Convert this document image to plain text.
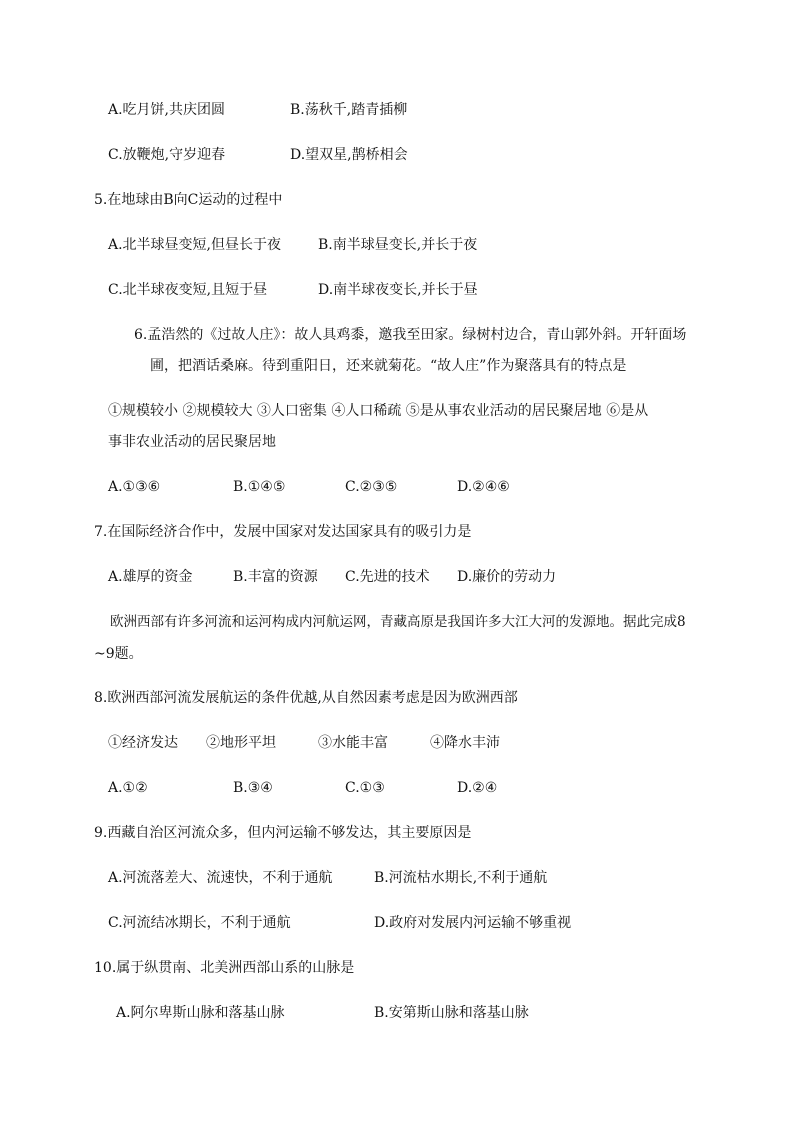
A.吃月饼,共庆团圆	B.荡秋千,踏青插柳
C.放鞭炮,守岁迎春	D.望双星,鹊桥相会
5.在地球由B向C运动的过程中
A.北半球昼变短,但昼长于夜	B.南半球昼变长,并长于夜
C.北半球夜变短,且短于昼	D.南半球夜变长,并长于昼
6.孟浩然的《过故人庄》：故人具鸡黍，邀我至田家。绿树村边合，青山郭外斜。开轩面场
圃，把酒话桑麻。待到重阳日，还来就菊花。“故人庄”作为聚落具有的特点是
①规模较小 ②规模较大 ③人口密集 ④人口稀疏 ⑤是从事农业活动的居民聚居地 ⑥是从
事非农业活动的居民聚居地
A.①③⑥	B.①④⑤	C.②③⑤	D.②④⑥
7.在国际经济合作中，发展中国家对发达国家具有的吸引力是
A.雄厚的资金	B.丰富的资源 C.先进的技术 D.廉价的劳动力
欧洲西部有许多河流和运河构成内河航运网，青藏高原是我国许多大江大河的发源地。据此完成8
~9题。
8.欧洲西部河流发展航运的条件优越,从自然因素考虑是因为欧洲西部
①经济发达 ②地形平坦	③水能丰富	④降水丰沛
A.①②	B.③④	C.①③	D.②④
9.西藏自治区河流众多，但内河运输不够发达，其主要原因是
A.河流落差大、流速快，不利于通航	B.河流枯水期长,不利于通航
C.河流结冰期长，不利于通航	D.政府对发展内河运输不够重视
10.属于纵贯南、北美洲西部山系的山脉是
A.阿尔卑斯山脉和落基山脉	B.安第斯山脉和落基山脉
